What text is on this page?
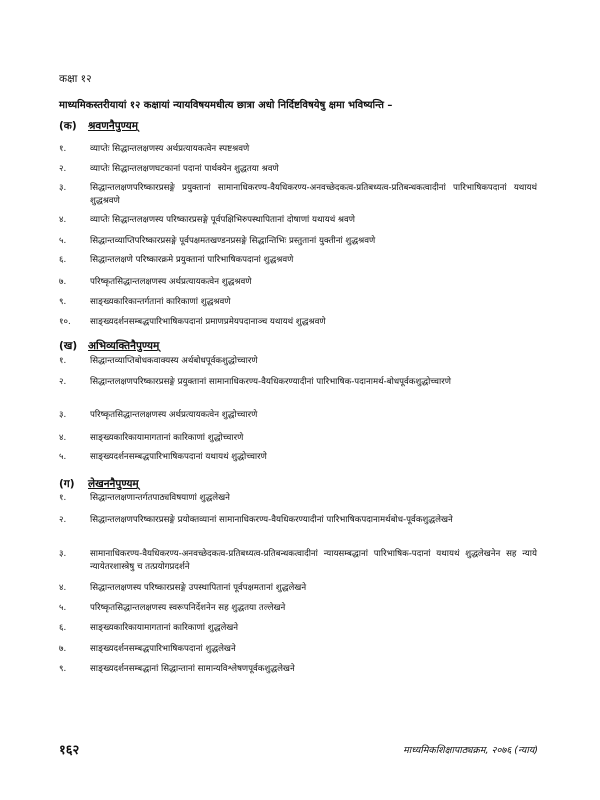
कक्षा १२
माध्यमिकस्तरीयायां १२ कक्षायां न्यायविषयमधीत्य छात्रा अधो निर्दिष्टविषयेषु क्षमा भविष्यन्ति –
(क) श्रवणनैपुण्यम्
१.	व्याप्तेः सिद्धान्तलक्षणस्य अर्थप्रत्यायकत्वेन स्पष्टश्रवणे
२.	व्याप्तेः सिद्धान्तलक्षणघटकानां पदानां पार्थक्येन शुद्धतया श्रवणे
३.	सिद्धान्तलक्षणपरिष्कारप्रसङ्गे प्रयुक्तानां सामानाधिकरण्य-वैयधिकरण्य-अनवच्छेदकत्व-प्रतिबध्यत्व-प्रतिबन्धकत्वादीनां पारिभाषिकपदानां यथायथं शुद्धश्रवणे
४.	व्याप्तेः सिद्धान्तलक्षणस्य परिष्कारप्रसङ्गे पूर्वपक्षिभिरुपस्थापितानां दोषाणां यथायथं श्रवणे
५.	सिद्धान्तव्याप्तिपरिष्कारप्रसङ्गे पूर्वपक्षमतखण्डनप्रसङ्गे सिद्धान्तिभिः प्रस्तुतानां युक्तीनां शुद्धश्रवणे
६.	सिद्धान्तलक्षणे परिष्कारक्रमे प्रयुक्तानां पारिभाषिकपदानां शुद्धश्रवणे
७.	परिष्कृतसिद्धान्तलक्षणस्य अर्थप्रत्यायकत्वेन शुद्धश्रवणे
९.	साङ्ख्यकारिकान्तर्गतानां कारिकाणां शुद्धश्रवणे
१०.	साङ्ख्यदर्शनसम्बद्धपारिभाषिकपदानां प्रमाणप्रमेयपदानाञ्च यथायथं शुद्धश्रवणे
(ख) अभिव्यक्तिनैपुण्यम्
१.	सिद्धान्तव्याप्तिबोधकवाक्यस्य अर्थबोधपूर्वकशुद्धोच्चारणे
२.	सिद्धान्तलक्षणपरिष्कारप्रसङ्गे प्रयुक्तानां सामानाधिकरण्य-वैयधिकरण्यादीनां पारिभाषिक-पदानामर्थ-बोधपूर्वकशुद्धोच्चारणे
३.	परिष्कृतसिद्धान्तलक्षणस्य अर्थप्रत्यायकत्वेन शुद्धोच्चारणे
४.	साङ्ख्यकारिकायामागतानां कारिकाणां शुद्धोच्चारणे
५.	साङ्ख्यदर्शनसम्बद्धपारिभाषिकपदानां यथायथं शुद्धोच्चारणे
(ग) लेखननैपुण्यम्
१.	सिद्धान्तलक्षणान्तर्गतपाठ्यविषयाणां शुद्धलेखने
२.	सिद्धान्तलक्षणपरिष्कारप्रसङ्गे प्रयोक्तव्यानां सामानाधिकरण्य-वैयधिकरण्यादीनां पारिभाषिकपदानामर्थबोध-पूर्वकशुद्धलेखने
३.	सामानाधिकरण्य-वैयधिकरण्य-अनवच्छेदकत्व-प्रतिबध्यत्व-प्रतिबन्धकत्वादीनां न्यायसम्बद्धानां पारिभाषिक-पदानां यथायथं शुद्धलेखनेन सह न्याये न्यायेतरशास्त्रेषु च तत्प्रयोगप्रदर्शने
४.	सिद्धान्तलक्षणस्य परिष्कारप्रसङ्गे उपस्थापितानां पूर्वपक्षमतानां शुद्धलेखने
५.	परिष्कृतसिद्धान्तलक्षणस्य स्वरूपनिर्देशनेन सह शुद्धतया तल्लेखने
६.	साङ्ख्यकारिकायामागतानां कारिकाणां शुद्धलेखने
७.	साङ्ख्यदर्शनसम्बद्धपारिभाषिकपदानां शुद्धलेखने
९.	साङ्ख्यदर्शनसम्बद्धानां सिद्धान्तानां सामान्यविश्लेषणपूर्वकशुद्धलेखने
१६२	माध्यमिकशिक्षापाठ्यक्रम, २०७६ (न्याय)
